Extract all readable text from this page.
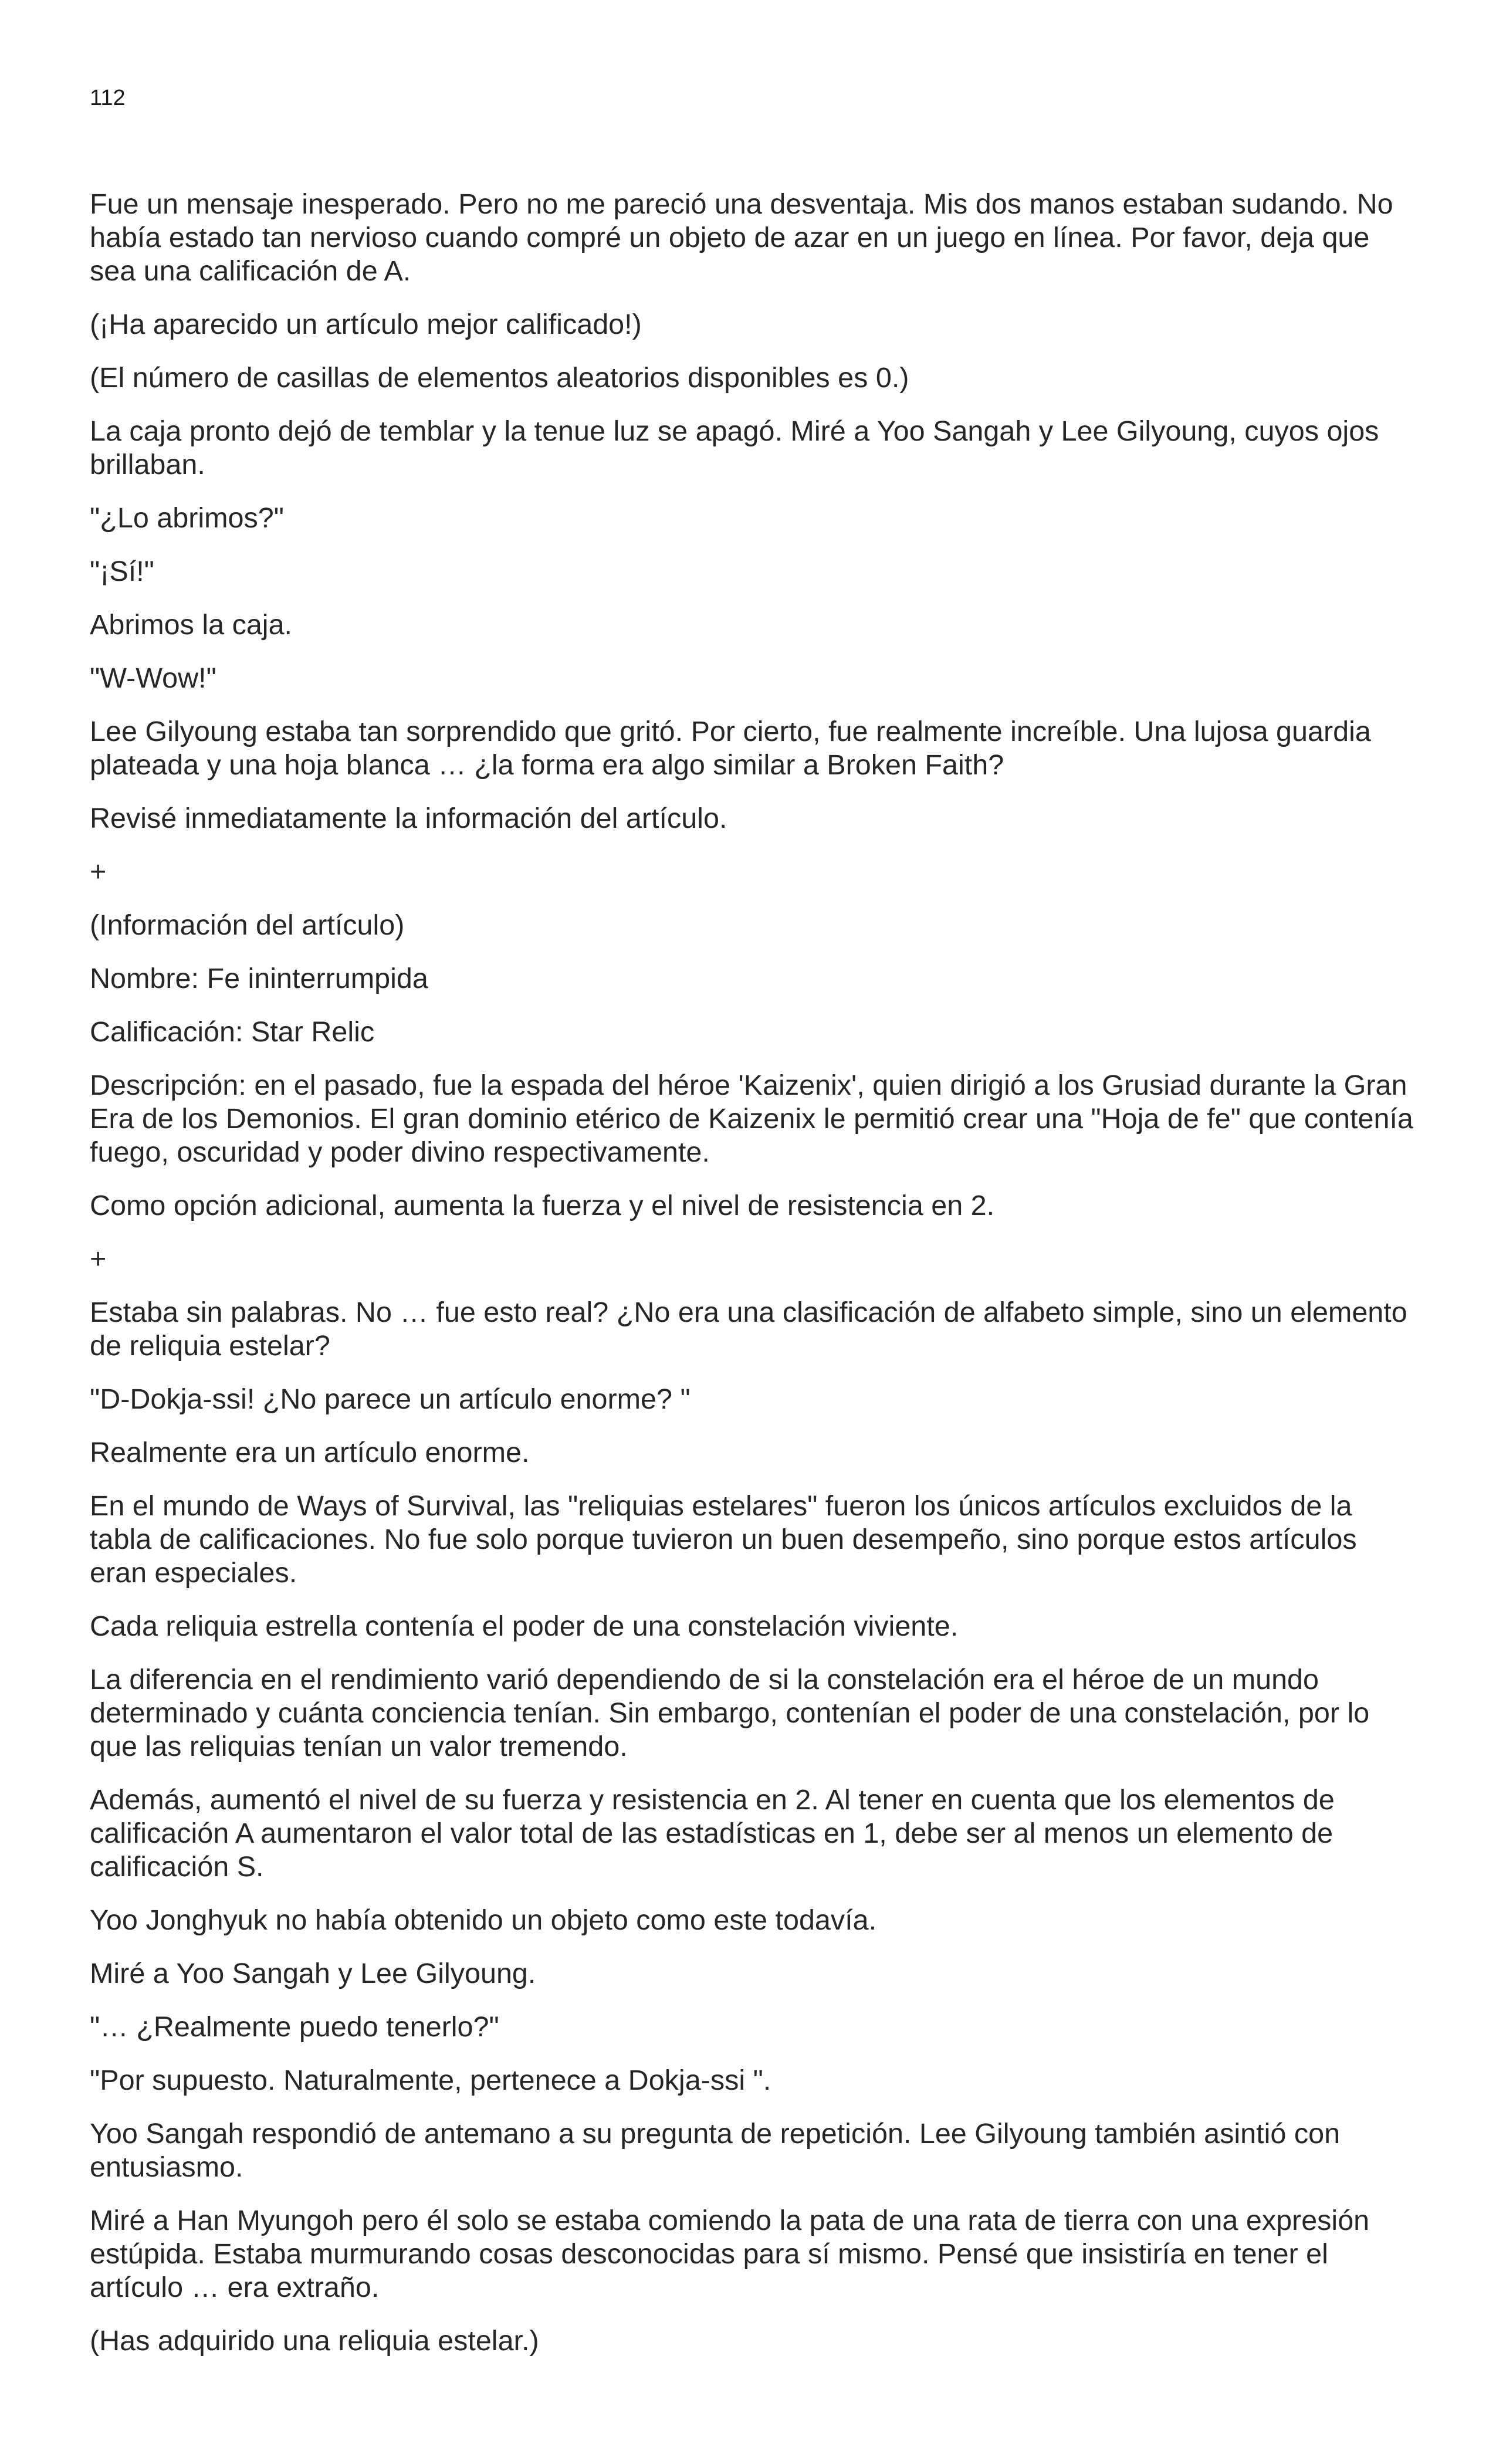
112

Fue un mensaje inesperado. Pero no me pareció una desventaja. Mis dos manos estaban sudando. No había estado tan nervioso cuando compré un objeto de azar en un juego en línea. Por favor, deja que sea una calificación de A.

(¡Ha aparecido un artículo mejor calificado!)

(El número de casillas de elementos aleatorios disponibles es 0.)

La caja pronto dejó de temblar y la tenue luz se apagó. Miré a Yoo Sangah y Lee Gilyoung, cuyos ojos brillaban.

"¿Lo abrimos?"

"¡Sí!"

Abrimos la caja.

"W-Wow!"

Lee Gilyoung estaba tan sorprendido que gritó. Por cierto, fue realmente increíble. Una lujosa guardia plateada y una hoja blanca … ¿la forma era algo similar a Broken Faith?

Revisé inmediatamente la información del artículo.

+

(Información del artículo)

Nombre: Fe ininterrumpida

Calificación: Star Relic

Descripción: en el pasado, fue la espada del héroe 'Kaizenix', quien dirigió a los Grusiad durante la Gran Era de los Demonios. El gran dominio etérico de Kaizenix le permitió crear una "Hoja de fe" que contenía fuego, oscuridad y poder divino respectivamente.

Como opción adicional, aumenta la fuerza y el nivel de resistencia en 2.

+

Estaba sin palabras. No … fue esto real? ¿No era una clasificación de alfabeto simple, sino un elemento de reliquia estelar?

"D-Dokja-ssi! ¿No parece un artículo enorme? "

Realmente era un artículo enorme.

En el mundo de Ways of Survival, las "reliquias estelares" fueron los únicos artículos excluidos de la tabla de calificaciones. No fue solo porque tuvieron un buen desempeño, sino porque estos artículos eran especiales.

Cada reliquia estrella contenía el poder de una constelación viviente.

La diferencia en el rendimiento varió dependiendo de si la constelación era el héroe de un mundo determinado y cuánta conciencia tenían. Sin embargo, contenían el poder de una constelación, por lo que las reliquias tenían un valor tremendo.

Además, aumentó el nivel de su fuerza y resistencia en 2. Al tener en cuenta que los elementos de calificación A aumentaron el valor total de las estadísticas en 1, debe ser al menos un elemento de calificación S.

Yoo Jonghyuk no había obtenido un objeto como este todavía.

Miré a Yoo Sangah y Lee Gilyoung.

"… ¿Realmente puedo tenerlo?"

"Por supuesto. Naturalmente, pertenece a Dokja-ssi ".

Yoo Sangah respondió de antemano a su pregunta de repetición. Lee Gilyoung también asintió con entusiasmo.

Miré a Han Myungoh pero él solo se estaba comiendo la pata de una rata de tierra con una expresión estúpida. Estaba murmurando cosas desconocidas para sí mismo. Pensé que insistiría en tener el artículo … era extraño.

(Has adquirido una reliquia estelar.)
